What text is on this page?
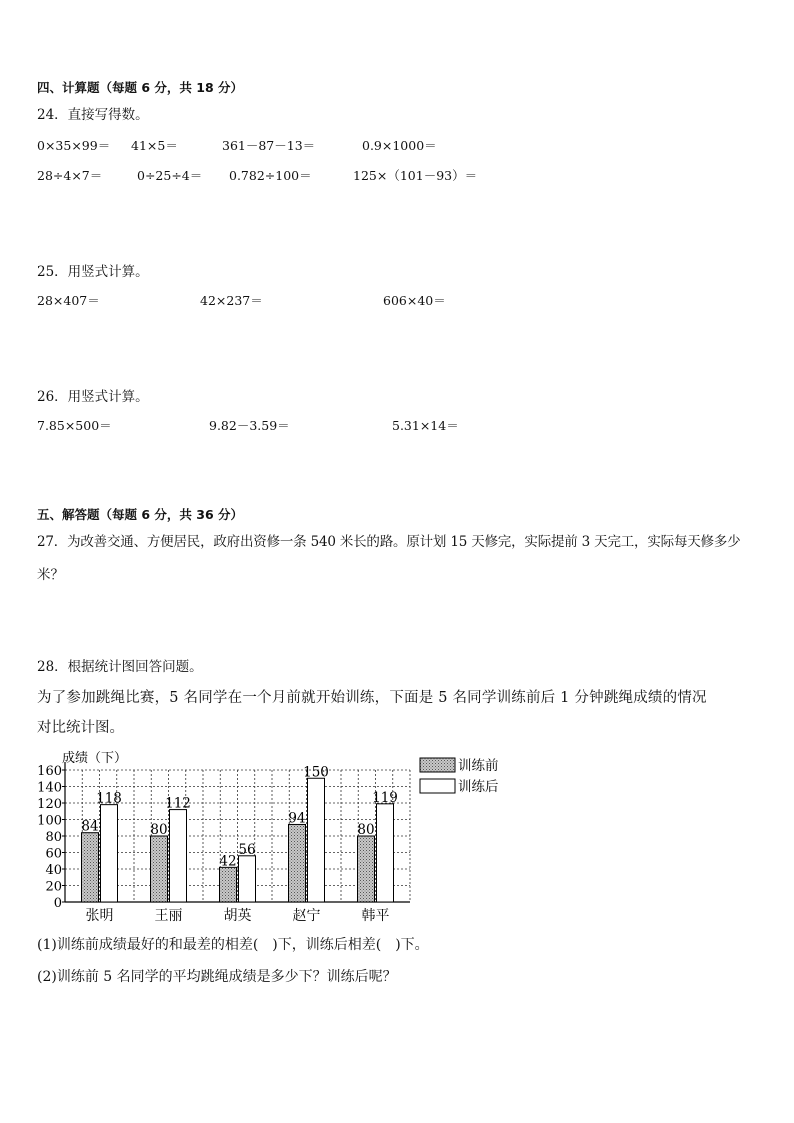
四、计算题（每题 6 分，共 18 分）
24．直接写得数。
0×35×99＝ 41×5＝	361－87－13＝	0.9×1000＝
28÷4×7＝	0÷25÷4＝ 0.782÷100＝	125×（101－93）＝
25．用竖式计算。
28×407＝	42×237＝	606×40＝
26．用竖式计算。
7.85×500＝	9.82－3.59＝	5.31×14＝
五、解答题（每题 6 分，共 36 分）
27．为改善交通、方便居民，政府出资修一条 540 米长的路。原计划 15 天修完，实际提前 3 天完工，实际每天修多少
米？
28．根据统计图回答问题。
为了参加跳绳比赛，5 名同学在一个月前就开始训练，下面是 5 名同学训练前后 1 分钟跳绳成绩的情况
对比统计图。
0
20
40
60
80
100
120
140
160
84
118
张明
80
112
王丽
42
56
胡英
94
150
赵宁
80
119
韩平
成绩（下）	训练前
训练后
(1)训练前成绩最好的和最差的相差(　)下，训练后相差(　)下。
(2)训练前 5 名同学的平均跳绳成绩是多少下？训练后呢？
